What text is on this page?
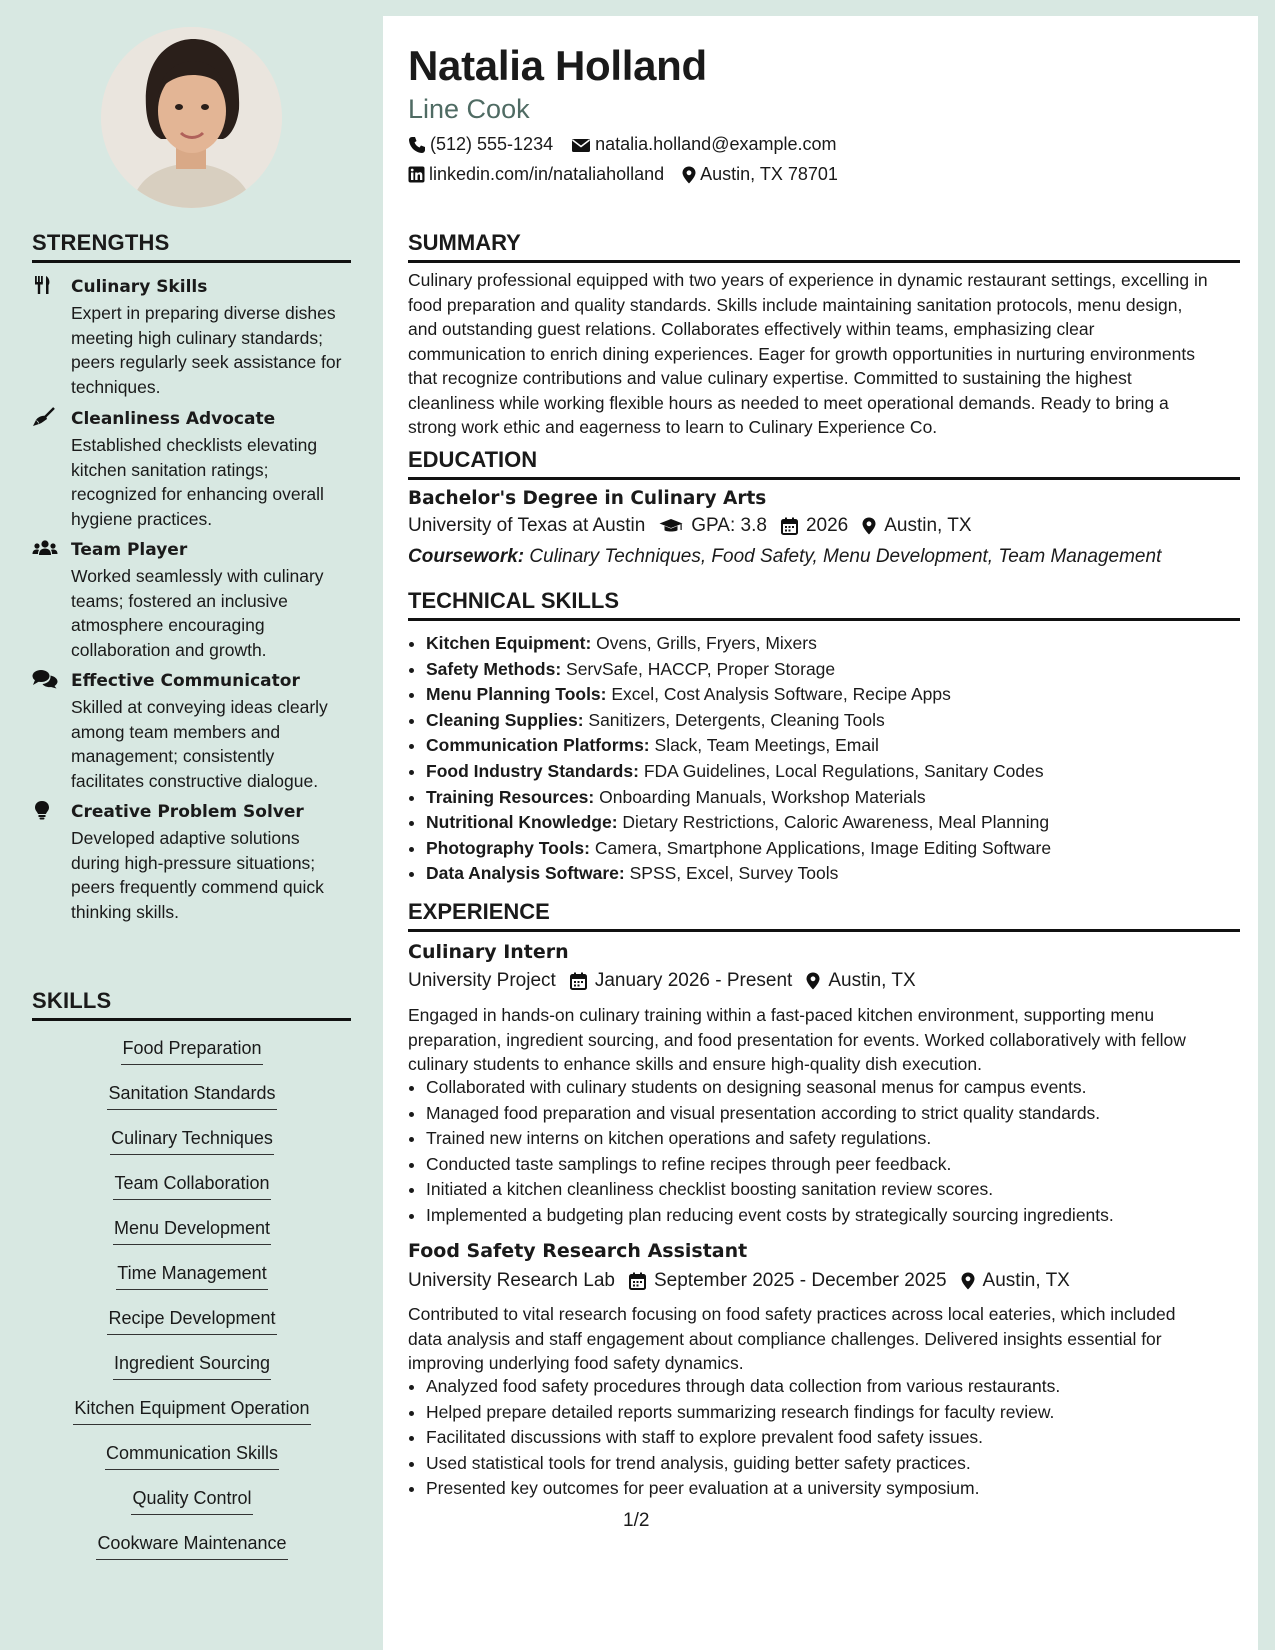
STRENGTHS
Culinary Skills
Expert in preparing diverse dishes meeting high culinary standards; peers regularly seek assistance for techniques.
Cleanliness Advocate
Established checklists elevating kitchen sanitation ratings; recognized for enhancing overall hygiene practices.
Team Player
Worked seamlessly with culinary teams; fostered an inclusive atmosphere encouraging collaboration and growth.
Effective Communicator
Skilled at conveying ideas clearly among team members and management; consistently facilitates constructive dialogue.
Creative Problem Solver
Developed adaptive solutions during high-pressure situations; peers frequently commend quick thinking skills.
SKILLS
Food Preparation
Sanitation Standards
Culinary Techniques
Team Collaboration
Menu Development
Time Management
Recipe Development
Ingredient Sourcing
Kitchen Equipment Operation
Communication Skills
Quality Control
Cookware Maintenance
Natalia Holland
Line Cook
(512) 555-1234 natalia.holland@example.com
linkedin.com/in/nataliaholland Austin, TX 78701
SUMMARY
Culinary professional equipped with two years of experience in dynamic restaurant settings, excelling in food preparation and quality standards. Skills include maintaining sanitation protocols, menu design, and outstanding guest relations. Collaborates effectively within teams, emphasizing clear communication to enrich dining experiences. Eager for growth opportunities in nurturing environments that recognize contributions and value culinary expertise. Committed to sustaining the highest cleanliness while working flexible hours as needed to meet operational demands. Ready to bring a strong work ethic and eagerness to learn to Culinary Experience Co.
EDUCATION
Bachelor's Degree in Culinary Arts
University of Texas at Austin GPA: 3.8 2026 Austin, TX
Coursework: Culinary Techniques, Food Safety, Menu Development, Team Management
TECHNICAL SKILLS
• Kitchen Equipment: Ovens, Grills, Fryers, Mixers
• Safety Methods: ServSafe, HACCP, Proper Storage
• Menu Planning Tools: Excel, Cost Analysis Software, Recipe Apps
• Cleaning Supplies: Sanitizers, Detergents, Cleaning Tools
• Communication Platforms: Slack, Team Meetings, Email
• Food Industry Standards: FDA Guidelines, Local Regulations, Sanitary Codes
• Training Resources: Onboarding Manuals, Workshop Materials
• Nutritional Knowledge: Dietary Restrictions, Caloric Awareness, Meal Planning
• Photography Tools: Camera, Smartphone Applications, Image Editing Software
• Data Analysis Software: SPSS, Excel, Survey Tools
EXPERIENCE
Culinary Intern
University Project January 2026 - Present Austin, TX
Engaged in hands-on culinary training within a fast-paced kitchen environment, supporting menu preparation, ingredient sourcing, and food presentation for events. Worked collaboratively with fellow culinary students to enhance skills and ensure high-quality dish execution.
• Collaborated with culinary students on designing seasonal menus for campus events.
• Managed food preparation and visual presentation according to strict quality standards.
• Trained new interns on kitchen operations and safety regulations.
• Conducted taste samplings to refine recipes through peer feedback.
• Initiated a kitchen cleanliness checklist boosting sanitation review scores.
• Implemented a budgeting plan reducing event costs by strategically sourcing ingredients.
Food Safety Research Assistant
University Research Lab September 2025 - December 2025 Austin, TX
Contributed to vital research focusing on food safety practices across local eateries, which included data analysis and staff engagement about compliance challenges. Delivered insights essential for improving underlying food safety dynamics.
• Analyzed food safety procedures through data collection from various restaurants.
• Helped prepare detailed reports summarizing research findings for faculty review.
• Facilitated discussions with staff to explore prevalent food safety issues.
• Used statistical tools for trend analysis, guiding better safety practices.
• Presented key outcomes for peer evaluation at a university symposium.
1/2
